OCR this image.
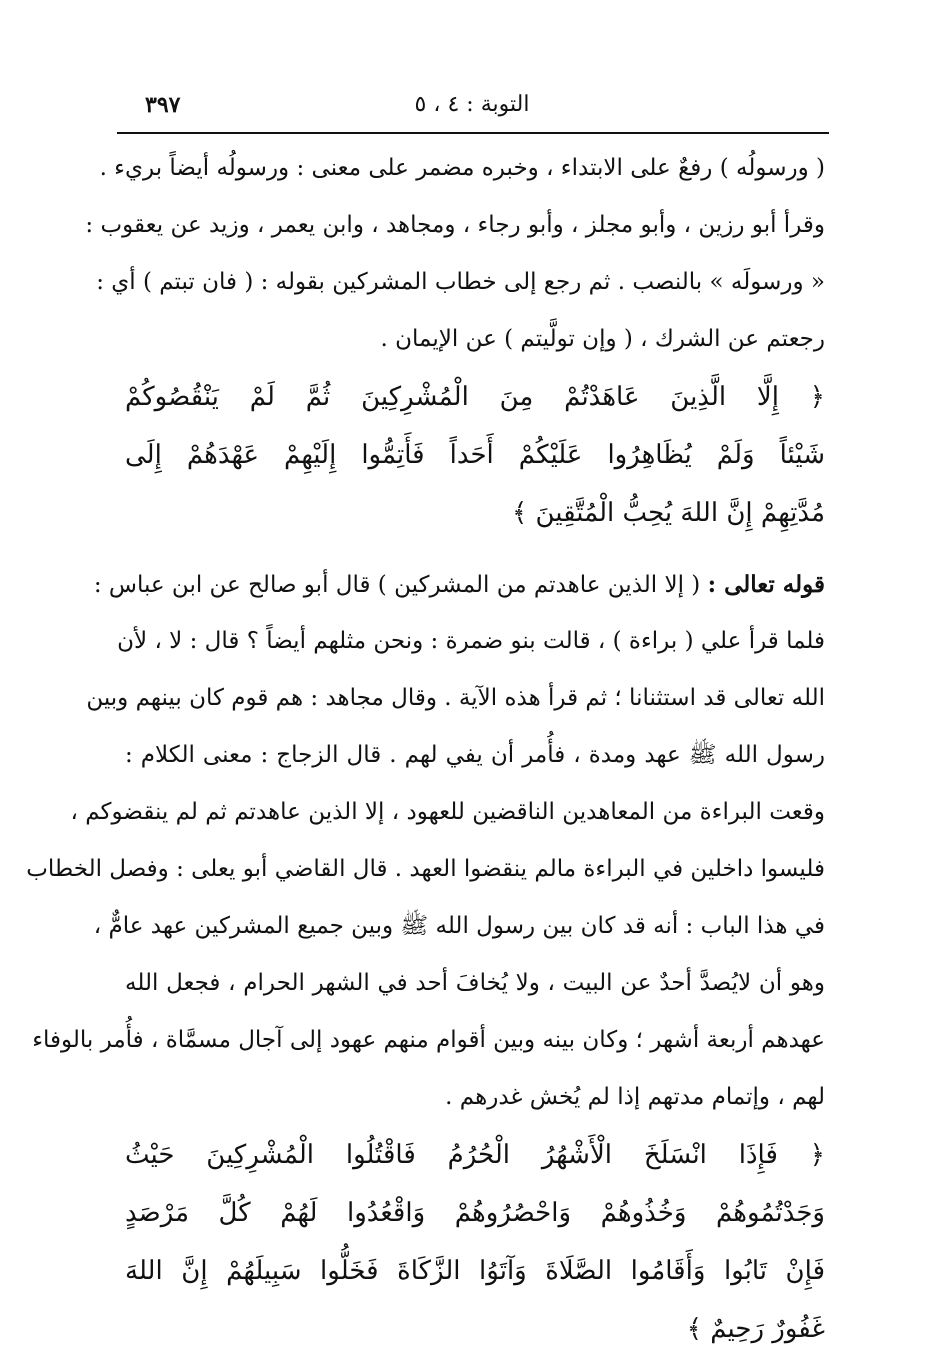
٣٩٧	التوبة : ٤ ، ٥
( ورسولُه ) رفعٌ على الابتداء ، وخبره مضمر على معنى : ورسولُه أيضاً بريء .
وقرأ أبو رزين ، وأبو مجلز ، وأبو رجاء ، ومجاهد ، وابن يعمر ، وزيد عن يعقوب :
« ورسولَه » بالنصب . ثم رجع إلى خطاب المشركين بقوله : ( فان تبتم ) أي :
رجعتم عن الشرك ، ( وإن تولَّيتم ) عن الإيمان .
﴿ إِلَّا الَّذِينَ عَاهَدْتُمْ مِنَ الْمُشْرِكِينَ ثُمَّ لَمْ يَنْقُصُوكُمْ
شَيْئاً وَلَمْ يُظَاهِرُوا عَلَيْكُمْ أَحَداً فَأَتِمُّوا إِلَيْهِمْ عَهْدَهُمْ إِلَى
مُدَّتِهِمْ إِنَّ اللهَ يُحِبُّ الْمُتَّقِينَ ﴾
قوله تعالى : ( إلا الذين عاهدتم من المشركين ) قال أبو صالح عن ابن عباس :
فلما قرأ علي ( براءة ) ، قالت بنو ضمرة : ونحن مثلهم أيضاً ؟ قال : لا ، لأن
الله تعالى قد استثنانا ؛ ثم قرأ هذه الآية . وقال مجاهد : هم قوم كان بينهم وبين
رسول الله ﷺ عهد ومدة ، فأُمر أن يفي لهم . قال الزجاج : معنى الكلام :
وقعت البراءة من المعاهدين الناقضين للعهود ، إلا الذين عاهدتم ثم لم ينقضوكم ،
فليسوا داخلين في البراءة مالم ينقضوا العهد . قال القاضي أبو يعلى : وفصل الخطاب
في هذا الباب : أنه قد كان بين رسول الله ﷺ وبين جميع المشركين عهد عامٌّ ،
وهو أن لايُصدَّ أحدٌ عن البيت ، ولا يُخافَ أحد في الشهر الحرام ، فجعل الله
عهدهم أربعة أشهر ؛ وكان بينه وبين أقوام منهم عهود إلى آجال مسمَّاة ، فأُمر بالوفاء
لهم ، وإتمام مدتهم إذا لم يُخش غدرهم .
﴿ فَإِذَا انْسَلَخَ الْأَشْهُرُ الْحُرُمُ فَاقْتُلُوا الْمُشْرِكِينَ حَيْثُ
وَجَدْتُمُوهُمْ وَخُذُوهُمْ وَاحْصُرُوهُمْ وَاقْعُدُوا لَهُمْ كُلَّ مَرْصَدٍ
فَإِنْ تَابُوا وَأَقَامُوا الصَّلَاةَ وَآتَوُا الزَّكَاةَ فَخَلُّوا سَبِيلَهُمْ إِنَّ اللهَ
غَفُورٌ رَحِيمٌ ﴾
